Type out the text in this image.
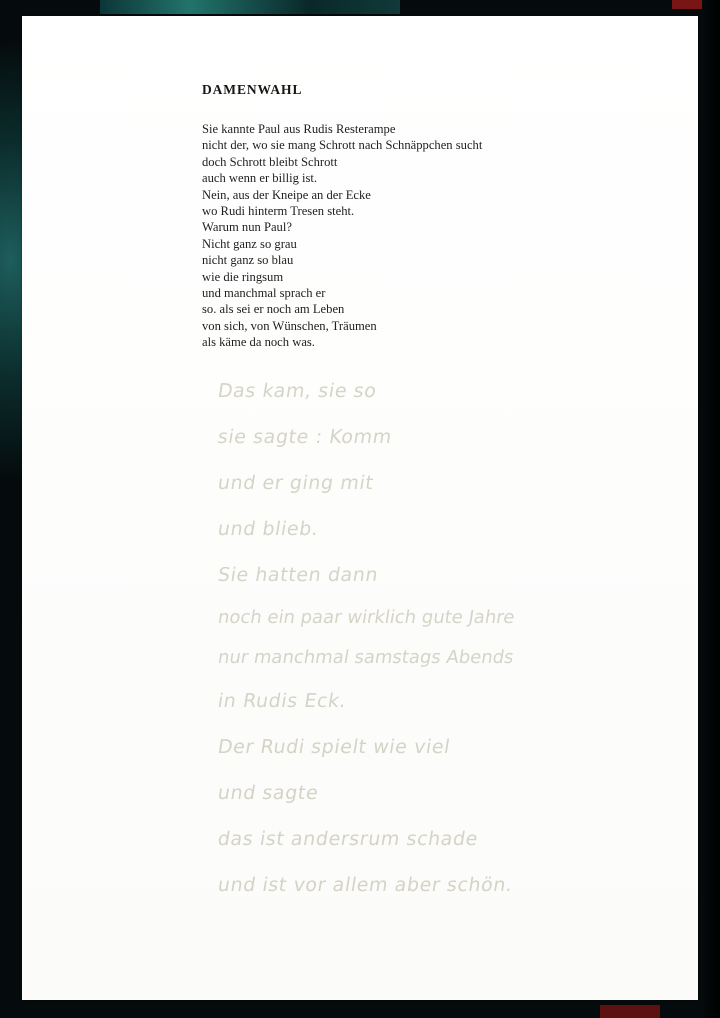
DAMENWAHL
Sie kannte Paul aus Rudis Resterampe
nicht der, wo sie mang Schrott nach Schnäppchen sucht
doch Schrott bleibt Schrott
auch wenn er billig ist.
Nein, aus der Kneipe an der Ecke
wo Rudi hinterm Tresen steht.
Warum nun Paul?
Nicht ganz so grau
nicht ganz so blau
wie die ringsum
und manchmal sprach er
so. als sei er noch am Leben
von sich, von Wünschen, Träumen
als käme da noch was.
Das kam, sie so
sie sagte : Komm
und er ging mit
und blieb.
Sie hatten dann
noch ein paar wirklich gute Jahre
nur manchmal samstags Abends
in Rudis Eck.
Der Rudi spielt wie viel
und sagte
das ist andersrum schade
und ist vor allem aber schön.
